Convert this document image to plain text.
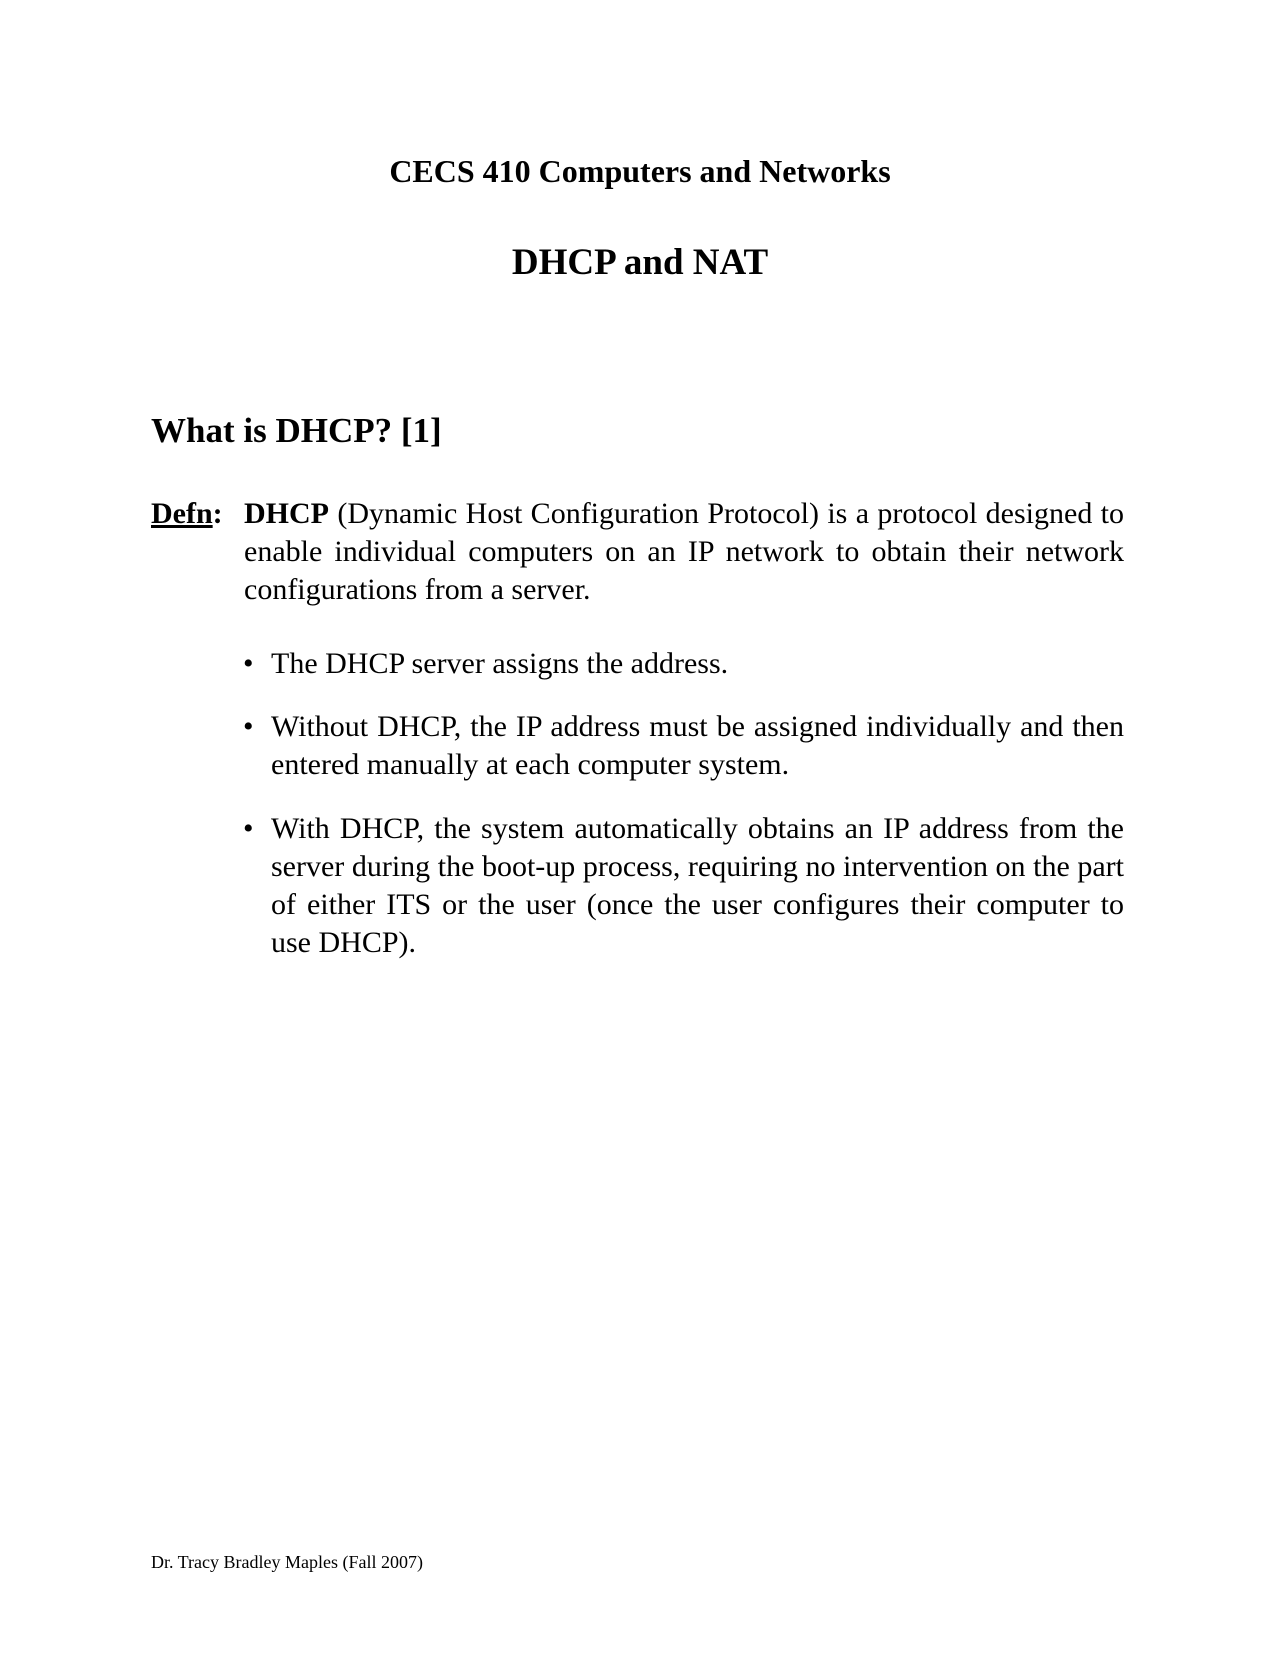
CECS 410 Computers and Networks
DHCP and NAT
What is DHCP? [1]
Defn: DHCP (Dynamic Host Configuration Protocol) is a protocol designed to enable individual computers on an IP network to obtain their network configurations from a server.
• The DHCP server assigns the address.
• Without DHCP, the IP address must be assigned individually and then entered manually at each computer system.
• With DHCP, the system automatically obtains an IP address from the server during the boot-up process, requiring no intervention on the part of either ITS or the user (once the user configures their computer to use DHCP).
Dr. Tracy Bradley Maples (Fall 2007)
